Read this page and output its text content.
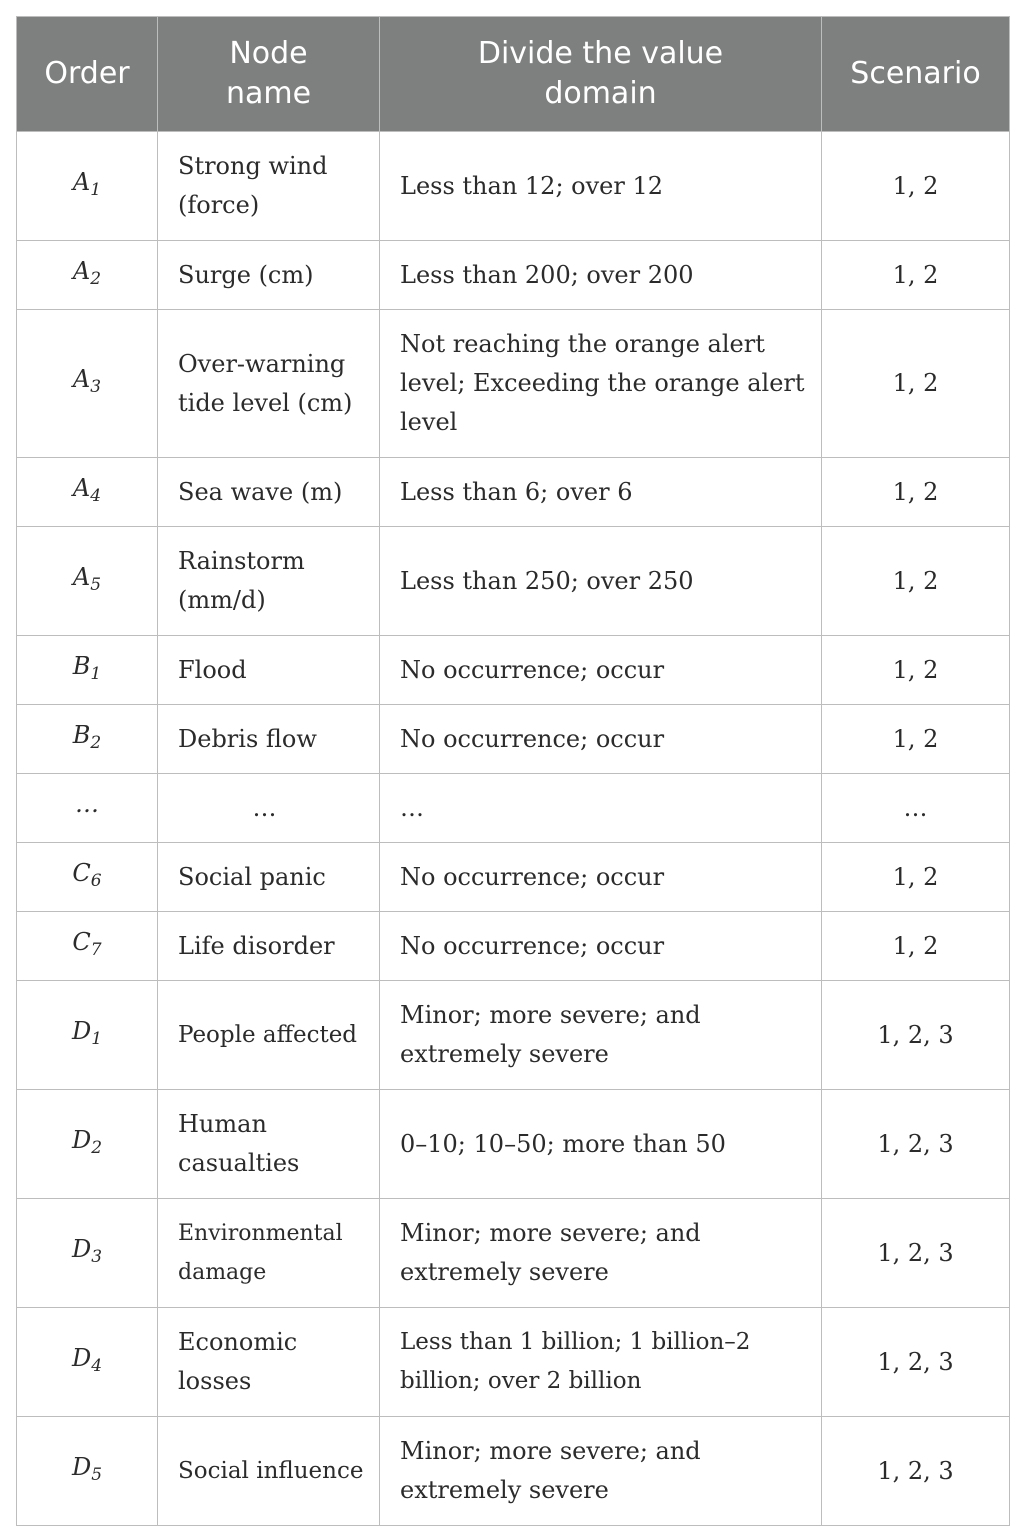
Order	Node name	Divide the value domain	Scenario
$A_1$	Strong wind (force)	Less than 12; over 12	1, 2
$A_2$	Surge (cm)	Less than 200; over 200	1, 2
$A_3$	Over-warning tide level (cm)	Not reaching the orange alert level; Exceeding the orange alert level	1, 2
$A_4$	Sea wave (m)	Less than 6; over 6	1, 2
$A_5$	Rainstorm (mm/d)	Less than 250; over 250	1, 2
$B_1$	Flood	No occurrence; occur	1, 2
$B_2$	Debris flow	No occurrence; occur	1, 2
…	…	…	…
$C_6$	Social panic	No occurrence; occur	1, 2
$C_7$	Life disorder	No occurrence; occur	1, 2
$D_1$	People affected	Minor; more severe; and extremely severe	1, 2, 3
$D_2$	Human casualties	0–10; 10–50; more than 50	1, 2, 3
$D_3$	Environmental damage	Minor; more severe; and extremely severe	1, 2, 3
$D_4$	Economic losses	Less than 1 billion; 1 billion–2 billion; over 2 billion	1, 2, 3
$D_5$	Social influence	Minor; more severe; and extremely severe	1, 2, 3
